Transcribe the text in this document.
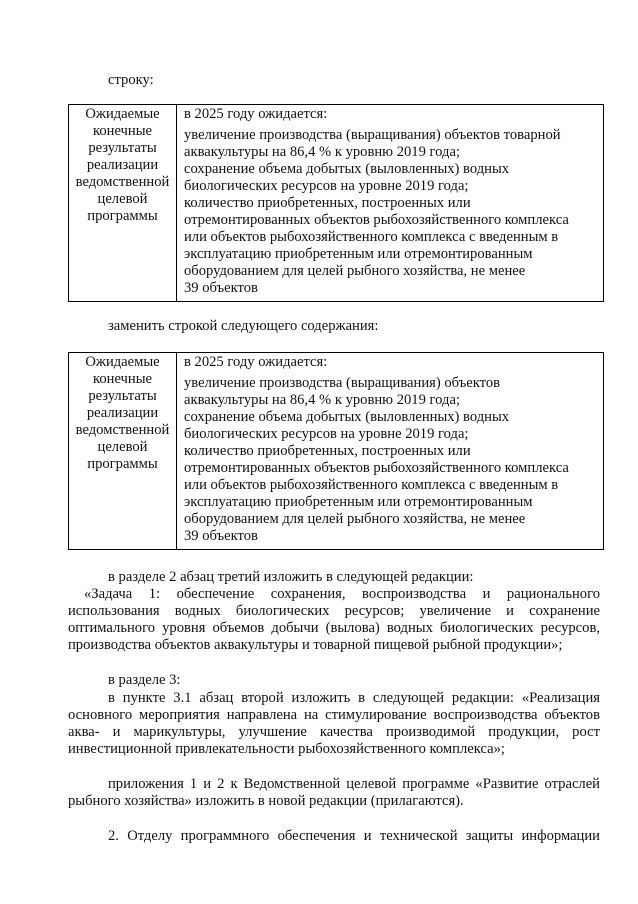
строку:
Ожидаемые
конечные
результаты
реализации
ведомственной
целевой
программы
в 2025 году ожидается:
увеличение производства (выращивания) объектов товарной
аквакультуры на 86,4 % к уровню 2019 года;
сохранение объема добытых (выловленных) водных
биологических ресурсов на уровне 2019 года;
количество приобретенных, построенных или
отремонтированных объектов рыбохозяйственного комплекса
или объектов рыбохозяйственного комплекса с введенным в
эксплуатацию приобретенным или отремонтированным
оборудованием для целей рыбного хозяйства, не менее
39 объектов
заменить строкой следующего содержания:
Ожидаемые
конечные
результаты
реализации
ведомственной
целевой
программы
в 2025 году ожидается:
увеличение производства (выращивания) объектов
аквакультуры на 86,4 % к уровню 2019 года;
сохранение объема добытых (выловленных) водных
биологических ресурсов на уровне 2019 года;
количество приобретенных, построенных или
отремонтированных объектов рыбохозяйственного комплекса
или объектов рыбохозяйственного комплекса с введенным в
эксплуатацию приобретенным или отремонтированным
оборудованием для целей рыбного хозяйства, не менее
39 объектов
в разделе 2 абзац третий изложить в следующей редакции:
«Задача 1: обеспечение сохранения, воспроизводства и рационального
использования водных биологических ресурсов; увеличение и сохранение
оптимального уровня объемов добычи (вылова) водных биологических ресурсов,
производства объектов аквакультуры и товарной пищевой рыбной продукции»;
в разделе 3:
в пункте 3.1 абзац второй изложить в следующей редакции: «Реализация
основного мероприятия направлена на стимулирование воспроизводства объектов
аква- и марикультуры, улучшение качества производимой продукции, рост
инвестиционной привлекательности рыбохозяйственного комплекса»;
приложения 1 и 2 к Ведомственной целевой программе «Развитие отраслей
рыбного хозяйства» изложить в новой редакции (прилагаются).
2. Отделу программного обеспечения и технической защиты информации
